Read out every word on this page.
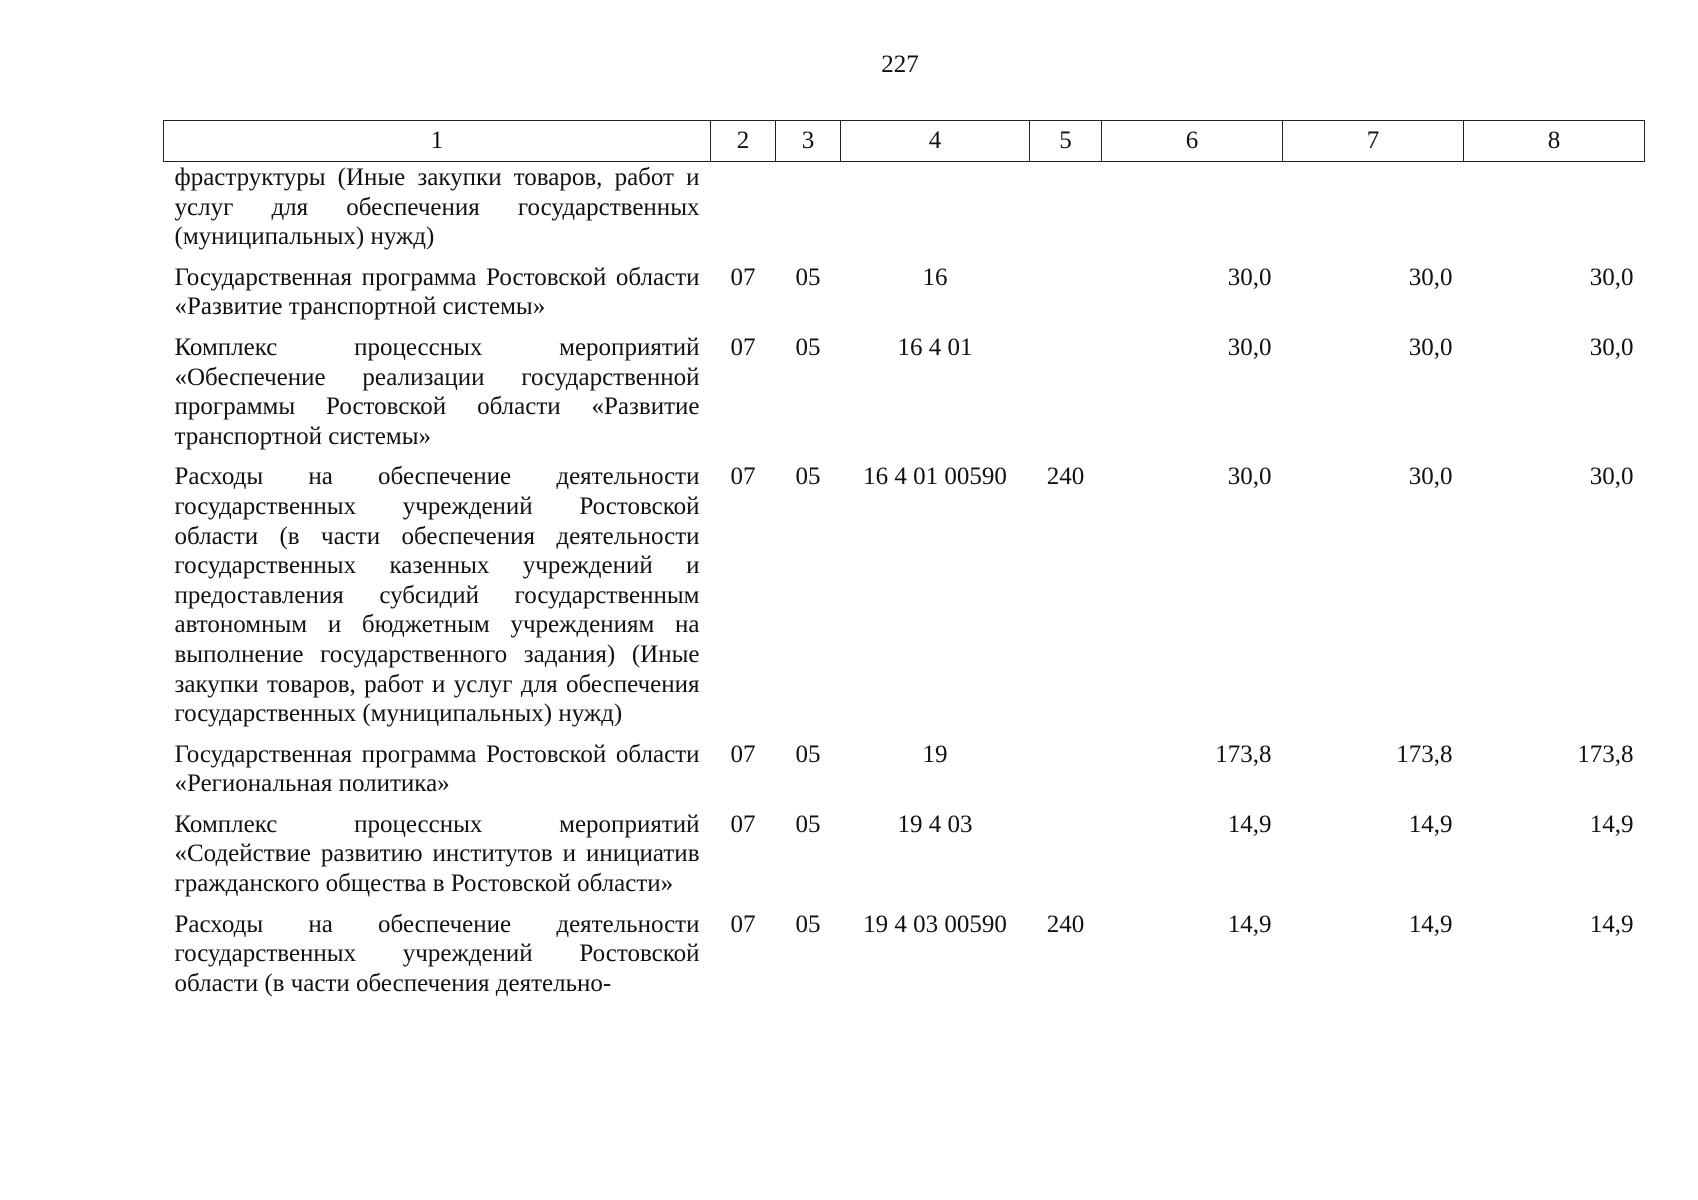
227
1	2	3	4	5	6	7	8
фраструктуры (Иные закупки товаров, работ и услуг для обеспечения государственных (муниципальных) нужд)							
Государственная программа Ростовской области «Развитие транспортной системы»	07	05	16		30,0	30,0	30,0
Комплекс процессных мероприятий «Обеспечение реализации государственной программы Ростовской области «Развитие транспортной системы»	07	05	16 4 01		30,0	30,0	30,0
Расходы на обеспечение деятельности государственных учреждений Ростовской области (в части обеспечения деятельности государственных казенных учреждений и предоставления субсидий государственным автономным и бюджетным учреждениям на выполнение государственного задания) (Иные закупки товаров, работ и услуг для обеспечения государственных (муниципальных) нужд)	07	05	16 4 01 00590	240	30,0	30,0	30,0
Государственная программа Ростовской области «Региональная политика»	07	05	19		173,8	173,8	173,8
Комплекс процессных мероприятий «Содействие развитию институтов и инициатив гражданского общества в Ростовской области»	07	05	19 4 03		14,9	14,9	14,9
Расходы на обеспечение деятельности государственных учреждений Ростовской области (в части обеспечения деятельно-	07	05	19 4 03 00590	240	14,9	14,9	14,9
